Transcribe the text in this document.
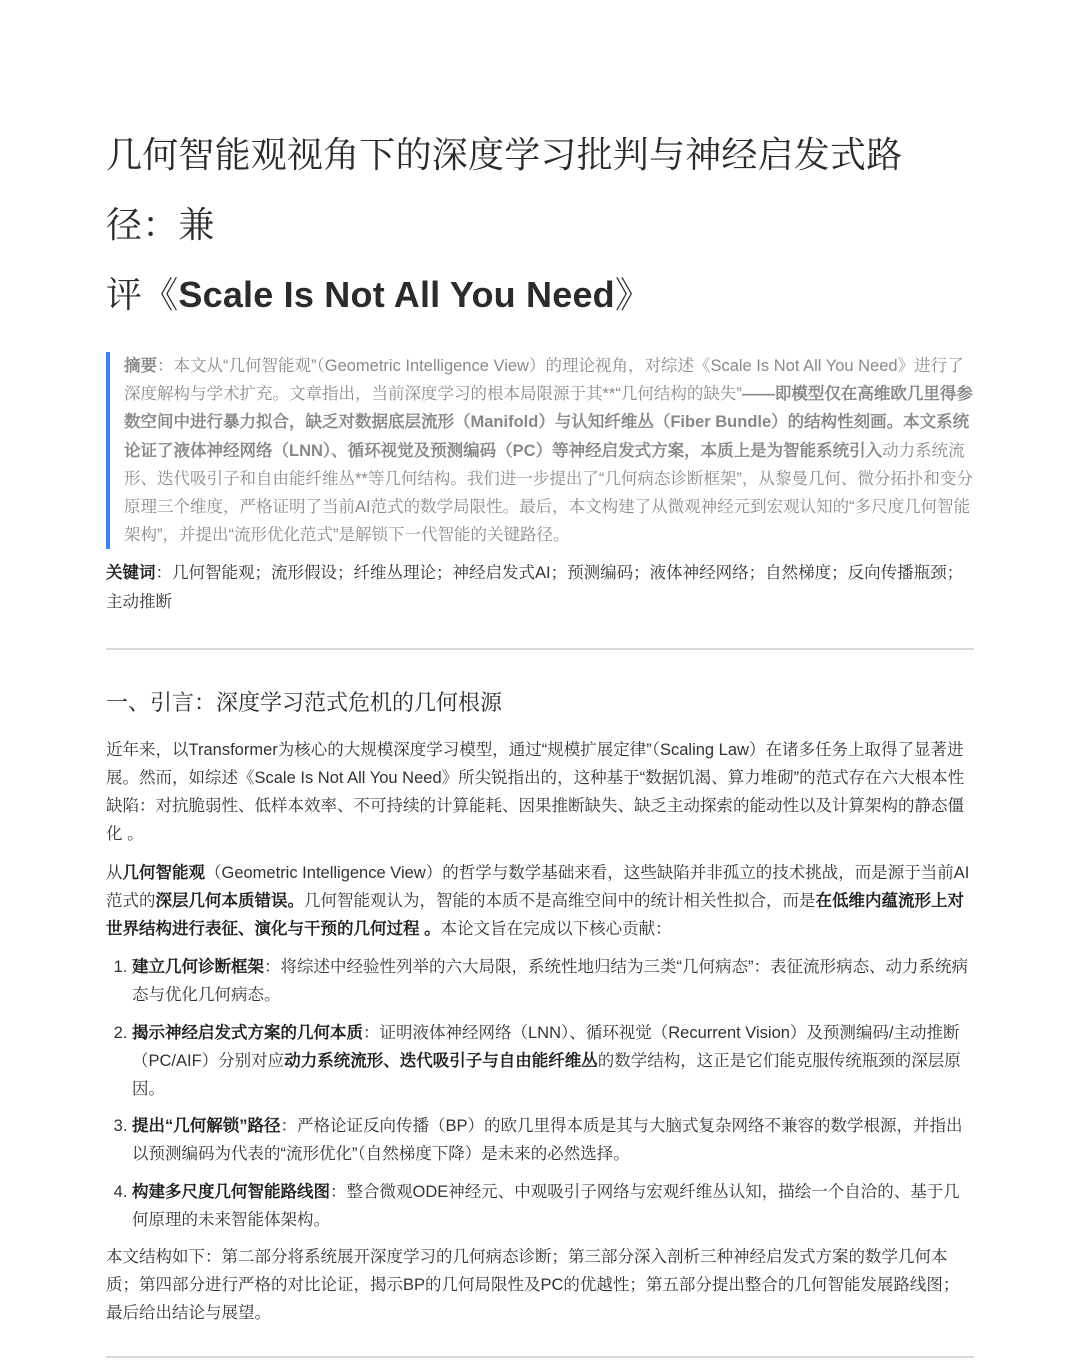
几何智能观视角下的深度学习批判与神经启发式路径：兼
评《Scale Is Not All You Need》
摘要：本文从“几何智能观”（Geometric Intelligence View）的理论视角，对综述《Scale Is Not All You Need》进行了深度解构与学术扩充。文章指出，当前深度学习的根本局限源于其**“几何结构的缺失”——即模型仅在高维欧几里得参数空间中进行暴力拟合，缺乏对数据底层流形（Manifold）与认知纤维丛（Fiber Bundle）的结构性刻画。本文系统论证了液体神经网络（LNN）、循环视觉及预测编码（PC）等神经启发式方案，本质上是为智能系统引入动力系统流形、迭代吸引子和自由能纤维丛**等几何结构。我们进一步提出了“几何病态诊断框架”，从黎曼几何、微分拓扑和变分原理三个维度，严格证明了当前AI范式的数学局限性。最后，本文构建了从微观神经元到宏观认知的“多尺度几何智能架构”，并提出“流形优化范式”是解锁下一代智能的关键路径。

关键词：几何智能观；流形假设；纤维丛理论；神经启发式AI；预测编码；液体神经网络；自然梯度；反向传播瓶颈；主动推断

一、引言：深度学习范式危机的几何根源

近年来，以Transformer为核心的大规模深度学习模型，通过“规模扩展定律”（Scaling Law）在诸多任务上取得了显著进展。然而，如综述《Scale Is Not All You Need》所尖锐指出的，这种基于“数据饥渴、算力堆砌”的范式存在六大根本性缺陷：对抗脆弱性、低样本效率、不可持续的计算能耗、因果推断缺失、缺乏主动探索的能动性以及计算架构的静态僵化 。

从几何智能观（Geometric Intelligence View）的哲学与数学基础来看，这些缺陷并非孤立的技术挑战，而是源于当前AI范式的深层几何本质错误。几何智能观认为，智能的本质不是高维空间中的统计相关性拟合，而是在低维内蕴流形上对世界结构进行表征、演化与干预的几何过程 。本论文旨在完成以下核心贡献：

1. 建立几何诊断框架：将综述中经验性列举的六大局限，系统性地归结为三类“几何病态”：表征流形病态、动力系统病态与优化几何病态。
2. 揭示神经启发式方案的几何本质：证明液体神经网络（LNN）、循环视觉（Recurrent Vision）及预测编码/主动推断（PC/AIF）分别对应动力系统流形、迭代吸引子与自由能纤维丛的数学结构，这正是它们能克服传统瓶颈的深层原因。
3. 提出“几何解锁”路径：严格论证反向传播（BP）的欧几里得本质是其与大脑式复杂网络不兼容的数学根源，并指出以预测编码为代表的“流形优化”（自然梯度下降）是未来的必然选择。
4. 构建多尺度几何智能路线图：整合微观ODE神经元、中观吸引子网络与宏观纤维丛认知，描绘一个自洽的、基于几何原理的未来智能体架构。

本文结构如下：第二部分将系统展开深度学习的几何病态诊断；第三部分深入剖析三种神经启发式方案的数学几何本质；第四部分进行严格的对比论证，揭示BP的几何局限性及PC的优越性；第五部分提出整合的几何智能发展路线图；最后给出结论与展望。
